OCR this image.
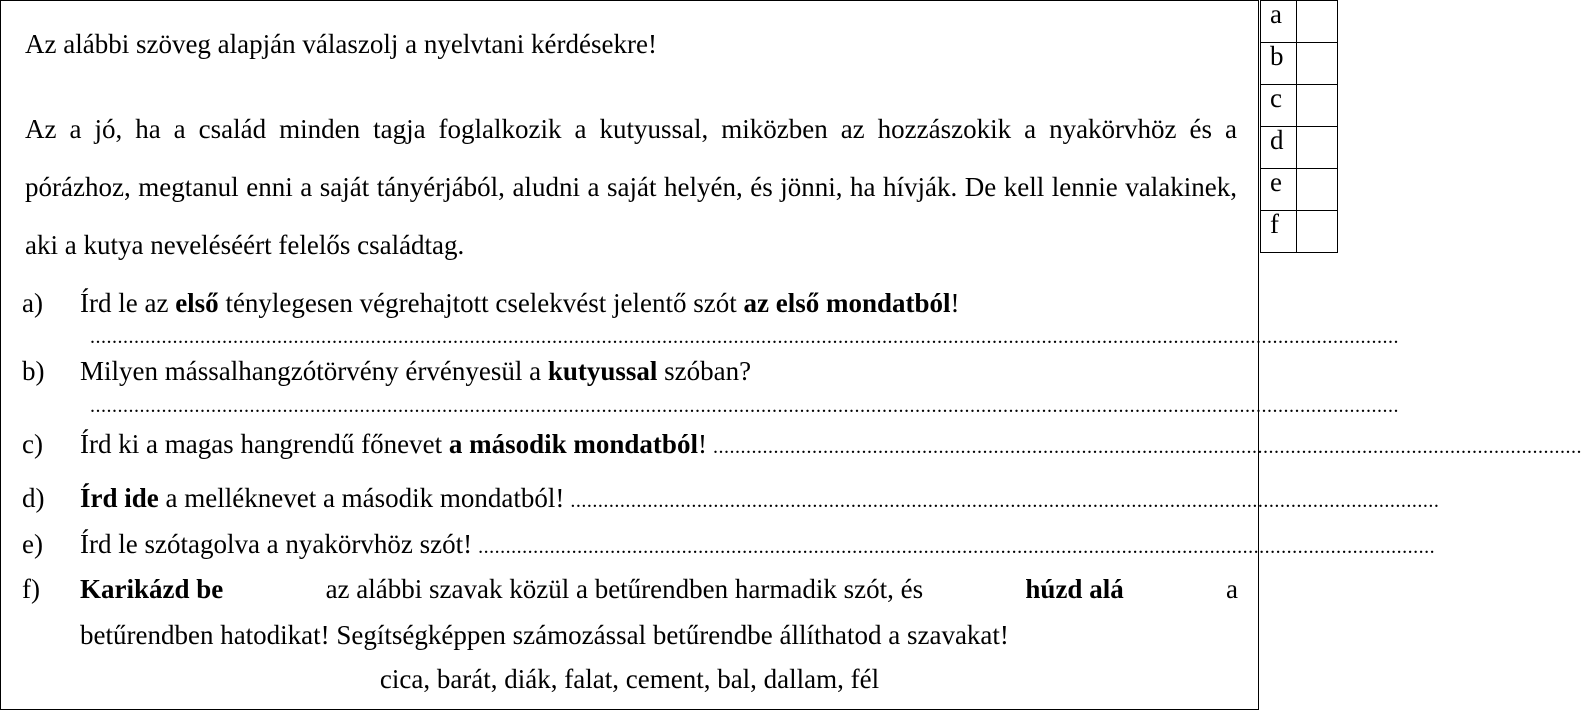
Az alábbi szöveg alapján válaszolj a nyelvtani kérdésekre!

Az a jó, ha a család minden tagja foglalkozik a kutyussal, miközben az hozzászokik a nyakörvhöz és a pórázhoz, megtanul enni a saját tányérjából, aludni a saját helyén, és jönni, ha hívják. De kell lennie valakinek, aki a kutya neveléséért felelős családtag.

a) Írd le az első ténylegesen végrehajtott cselekvést jelentő szót az első mondatból!
..............................................................................................................................................................................................................................................
b) Milyen mássalhangzótörvény érvényesül a kutyussal szóban?
..............................................................................................................................................................................................................................................
c) Írd ki a magas hangrendű főnevet a második mondatból! ..............................................................................................................................................................
d) Írd ide a melléknevet a második mondatból! ..............................................................................................................................................................
e) Írd le szótagolva a nyakörvhöz szót! ..............................................................................................................................................................................
f) Karikázd be	az alábbi szavak közül a betűrendben harmadik szót, és	húzd alá	a
betűrendben hatodikat! Segítségképpen számozással betűrendbe állíthatod a szavakat!
cica, barát, diák, falat, cement, bal, dallam, fél
a	
b	
c	
d	
e	
f	
